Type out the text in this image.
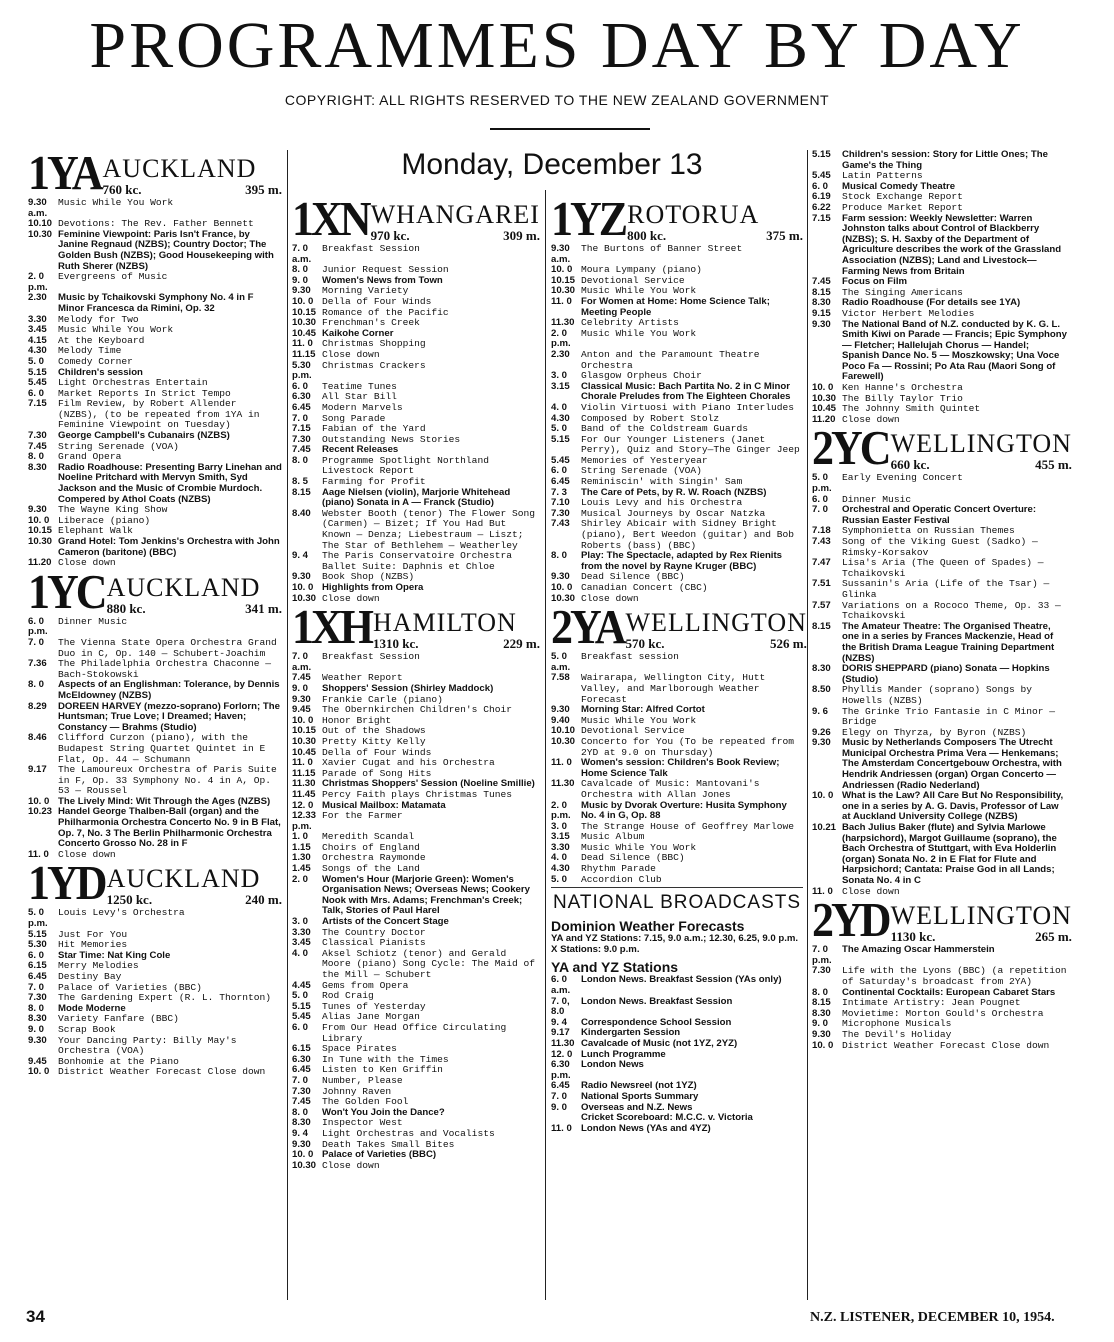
PROGRAMMES DAY BY DAY
COPYRIGHT: ALL RIGHTS RESERVED TO THE NEW ZEALAND GOVERNMENT
Monday, December 13
1YA AUCKLAND
760 kc.	395 m.
9.30 a.m.
Music While You Work
10.10 Devotions: The Rev. Father Bennett
10.30 Feminine Viewpoint: Paris Isn't France, by Janine Regnaud (NZBS); Country Doctor; The Golden Bush (NZBS); Good Housekeeping with Ruth Sherer (NZBS)
2. 0 p.m.
Evergreens of Music
2.30	Music by Tchaikovski Symphony No. 4 in F Minor Francesca da Rimini, Op. 32
3.30	Melody for Two
3.45	Music While You Work
4.15	At the Keyboard
4.30	Melody Time
5. 0	Comedy Corner
5.15	Children's session
5.45	Light Orchestras Entertain
6. 0	Market Reports In Strict Tempo
7.15	Film Review, by Robert Allender (NZBS), (to be repeated from 1YA in Feminine Viewpoint on Tuesday)
7.30	George Campbell's Cubanairs (NZBS)
7.45	String Serenade (VOA)
8. 0	Grand Opera
8.30	Radio Roadhouse: Presenting Barry Linehan and Noeline Pritchard with Mervyn Smith, Syd Jackson and the Music of Crombie Murdoch. Compered by Athol Coats (NZBS)
9.30	The Wayne King Show
10. 0 Liberace (piano)
10.15 Elephant Walk
10.30 Grand Hotel: Tom Jenkins's Orchestra with John Cameron (baritone) (BBC)
11.20 Close down
1YC AUCKLAND
880 kc.	341 m.
6. 0 p.m.
Dinner Music
7. 0	The Vienna State Opera Orchestra Grand Duo in C, Op. 140 — Schubert-Joachim
7.36	The Philadelphia Orchestra Chaconne — Bach-Stokowski
8. 0	Aspects of an Englishman: Tolerance, by Dennis McEldowney (NZBS)
8.29	DOREEN HARVEY (mezzo-soprano) Forlorn; The Huntsman; True Love; I Dreamed; Haven; Constancy — Brahms (Studio)
8.46	Clifford Curzon (piano), with the Budapest String Quartet Quintet in E Flat, Op. 44 — Schumann
9.17	The Lamoureux Orchestra of Paris Suite in F, Op. 33 Symphony No. 4 in A, Op. 53 — Roussel
10. 0 The Lively Mind: Wit Through the Ages (NZBS)
10.23 Handel George Thalben-Ball (organ) and the Philharmonia Orchestra Concerto No. 9 in B Flat, Op. 7, No. 3 The Berlin Philharmonic Orchestra Concerto Grosso No. 28 in F
11. 0 Close down
1YD AUCKLAND
1250 kc.	240 m.
5. 0 p.m.
Louis Levy's Orchestra
5.15	Just For You
5.30	Hit Memories
6. 0	Star Time: Nat King Cole
6.15	Merry Melodies
6.45	Destiny Bay
7. 0	Palace of Varieties (BBC)
7.30	The Gardening Expert (R. L. Thornton)
8. 0	Mode Moderne
8.30	Variety Fanfare (BBC)
9. 0	Scrap Book
9.30	Your Dancing Party: Billy May's Orchestra (VOA)
9.45	Bonhomie at the Piano
10. 0 District Weather Forecast Close down
1XN WHANGAREI
970 kc.	309 m.
7. 0 a.m.
Breakfast Session
8. 0	Junior Request Session
9. 0	Women's News from Town
9.30	Morning Variety
10. 0 Della of Four Winds
10.15 Romance of the Pacific
10.30 Frenchman's Creek
10.45 Kaikohe Corner
11. 0 Christmas Shopping
11.15 Close down
5.30 p.m.
Christmas Crackers
6. 0	Teatime Tunes
6.30	All Star Bill
6.45	Modern Marvels
7. 0	Song Parade
7.15	Fabian of the Yard
7.30	Outstanding News Stories
7.45	Recent Releases
8. 0	Programme Spotlight Northland Livestock Report
8. 5	Farming for Profit
8.15	Aage Nielsen (violin), Marjorie Whitehead (piano) Sonata in A — Franck (Studio)
8.40	Webster Booth (tenor) The Flower Song (Carmen) — Bizet; If You Had But Known — Denza; Liebestraum — Liszt; The Star of Bethlehem — Weatherley
9. 4	The Paris Conservatoire Orchestra Ballet Suite: Daphnis et Chloe
9.30	Book Shop (NZBS)
10. 0 Highlights from Opera
10.30 Close down
1XH HAMILTON
1310 kc.	229 m.
7. 0 a.m.
Breakfast Session
7.45	Weather Report
9. 0	Shoppers' Session (Shirley Maddock)
9.30	Frankie Carle (piano)
9.45	The Obernkirchen Children's Choir
10. 0 Honor Bright
10.15 Out of the Shadows
10.30 Pretty Kitty Kelly
10.45 Della of Four Winds
11. 0 Xavier Cugat and his Orchestra
11.15 Parade of Song Hits
11.30 Christmas Shoppers' Session (Noeline Smillie)
11.45 Percy Faith plays Christmas Tunes
12. 0 Musical Mailbox: Matamata
12.33 p.m.
For the Farmer
1. 0	Meredith Scandal
1.15	Choirs of England
1.30	Orchestra Raymonde
1.45	Songs of the Land
2. 0	Women's Hour (Marjorie Green): Women's Organisation News; Overseas News; Cookery Nook with Mrs. Adams; Frenchman's Creek; Talk, Stories of Paul Harel
3. 0	Artists of the Concert Stage
3.30	The Country Doctor
3.45	Classical Pianists
4. 0	Aksel Schiotz (tenor) and Gerald Moore (piano) Song Cycle: The Maid of the Mill — Schubert
4.45	Gems from Opera
5. 0	Rod Craig
5.15	Tunes of Yesterday
5.45	Alias Jane Morgan
6. 0	From Our Head Office Circulating Library
6.15	Space Pirates
6.30	In Tune with the Times
6.45	Listen to Ken Griffin
7. 0	Number, Please
7.30	Johnny Raven
7.45	The Golden Fool
8. 0	Won't You Join the Dance?
8.30	Inspector West
9. 4	Light Orchestras and Vocalists
9.30	Death Takes Small Bites
10. 0 Palace of Varieties (BBC)
10.30 Close down
1YZ ROTORUA
800 kc.	375 m.
9.30 a.m.
The Burtons of Banner Street
10. 0 Moura Lympany (piano)
10.15 Devotional Service
10.30 Music While You Work
11. 0 For Women at Home: Home Science Talk; Meeting People
11.30 Celebrity Artists
2. 0 p.m.
Music While You Work
2.30	Anton and the Paramount Theatre Orchestra
3. 0	Glasgow Orpheus Choir
3.15	Classical Music: Bach Partita No. 2 in C Minor Chorale Preludes from The Eighteen Chorales
4. 0	Violin Virtuosi with Piano Interludes
4.30	Composed by Robert Stolz
5. 0	Band of the Coldstream Guards
5.15	For Our Younger Listeners (Janet Perry), Quiz and Story—The Ginger Jeep
5.45	Memories of Yesteryear
6. 0	String Serenade (VOA)
6.45	Reminiscin' with Singin' Sam
7. 3	The Care of Pets, by R. W. Roach (NZBS)
7.10	Louis Levy and his Orchestra
7.30	Musical Journeys by Oscar Natzka
7.43	Shirley Abicair with Sidney Bright (piano), Bert Weedon (guitar) and Bob Roberts (bass) (BBC)
8. 0	Play: The Spectacle, adapted by Rex Rienits from the novel by Rayne Kruger (BBC)
9.30	Dead Silence (BBC)
10. 0 Canadian Concert (CBC)
10.30 Close down
2YA WELLINGTON
570 kc.	526 m.
5. 0 a.m.
Breakfast session
7.58	Wairarapa, Wellington City, Hutt Valley, and Marlborough Weather Forecast
9.30	Morning Star: Alfred Cortot
9.40	Music While You Work
10.10 Devotional Service
10.30 Concerto for You (To be repeated from 2YD at 9.0 on Thursday)
11. 0 Women's session: Children's Book Review; Home Science Talk
11.30 Cavalcade of Music: Mantovani's Orchestra with Allan Jones
2. 0 p.m.
Music by Dvorak Overture: Husita Symphony No. 4 in G, Op. 88
3. 0	The Strange House of Geoffrey Marlowe
3.15	Music Album
3.30	Music While You Work
4. 0	Dead Silence (BBC)
4.30	Rhythm Parade
5. 0	Accordion Club
NATIONAL BROADCASTS
Dominion Weather Forecasts
YA and YZ Stations: 7.15, 9.0 a.m.; 12.30, 6.25, 9.0 p.m.
X Stations: 9.0 p.m.
YA and YZ Stations
6. 0 a.m.
London News. Breakfast Session (YAs only)
7. 0, 8.0
London News. Breakfast Session
9. 4	Correspondence School Session
9.17	Kindergarten Session
11.30 Cavalcade of Music (not 1YZ, 2YZ)
12. 0 Lunch Programme
6.30 p.m.
London News
6.45	Radio Newsreel (not 1YZ)
7. 0	National Sports Summary
9. 0	Overseas and N.Z. News
Cricket Scoreboard: M.C.C. v. Victoria
11. 0 London News (YAs and 4YZ)
5.15	Children's session: Story for Little Ones; The Game's the Thing
5.45	Latin Patterns
6. 0	Musical Comedy Theatre
6.19	Stock Exchange Report
6.22	Produce Market Report
7.15	Farm session: Weekly Newsletter: Warren Johnston talks about Control of Blackberry (NZBS); S. H. Saxby of the Department of Agriculture describes the work of the Grassland Association (NZBS); Land and Livestock—Farming News from Britain
7.45	Focus on Film
8.15	The Singing Americans
8.30	Radio Roadhouse (For details see 1YA)
9.15	Victor Herbert Melodies
9.30	The National Band of N.Z. conducted by K. G. L. Smith Kiwi on Parade — Francis; Epic Symphony — Fletcher; Hallelujah Chorus — Handel; Spanish Dance No. 5 — Moszkowsky; Una Voce Poco Fa — Rossini; Po Ata Rau (Maori Song of Farewell)
10. 0 Ken Hanne's Orchestra
10.30 The Billy Taylor Trio
10.45 The Johnny Smith Quintet
11.20 Close down
2YC WELLINGTON
660 kc.	455 m.
5. 0 p.m.
Early Evening Concert
6. 0	Dinner Music
7. 0	Orchestral and Operatic Concert Overture: Russian Easter Festival
7.18	Symphonietta on Russian Themes
7.43	Song of the Viking Guest (Sadko) — Rimsky-Korsakov
7.47	Lisa's Aria (The Queen of Spades) — Tchaikovski
7.51	Sussanin's Aria (Life of the Tsar) — Glinka
7.57	Variations on a Rococo Theme, Op. 33 — Tchaikovski
8.15	The Amateur Theatre: The Organised Theatre, one in a series by Frances Mackenzie, Head of the British Drama League Training Department (NZBS)
8.30	DORIS SHEPPARD (piano) Sonata — Hopkins (Studio)
8.50	Phyllis Mander (soprano) Songs by Howells (NZBS)
9. 6	The Grinke Trio Fantasie in C Minor — Bridge
9.26	Elegy on Thyrza, by Byron (NZBS)
9.30	Music by Netherlands Composers The Utrecht Municipal Orchestra Prima Vera — Henkemans; The Amsterdam Concertgebouw Orchestra, with Hendrik Andriessen (organ) Organ Concerto — Andriessen (Radio Nederland)
10. 0 What is the Law? All Care But No Responsibility, one in a series by A. G. Davis, Professor of Law at Auckland University College (NZBS)
10.21 Bach Julius Baker (flute) and Sylvia Marlowe (harpsichord), Margot Guillaume (soprano), the Bach Orchestra of Stuttgart, with Eva Holderlin (organ) Sonata No. 2 in E Flat for Flute and Harpsichord; Cantata: Praise God in all Lands; Sonata No. 4 in C
11. 0 Close down
2YD WELLINGTON
1130 kc.	265 m.
7. 0 p.m.
The Amazing Oscar Hammerstein
7.30	Life with the Lyons (BBC) (a repetition of Saturday's broadcast from 2YA)
8. 0	Continental Cocktails: European Cabaret Stars
8.15	Intimate Artistry: Jean Pougnet
8.30	Movietime: Morton Gould's Orchestra
9. 0	Microphone Musicals
9.30	The Devil's Holiday
10. 0 District Weather Forecast Close down
34	N.Z. LISTENER, DECEMBER 10, 1954.
